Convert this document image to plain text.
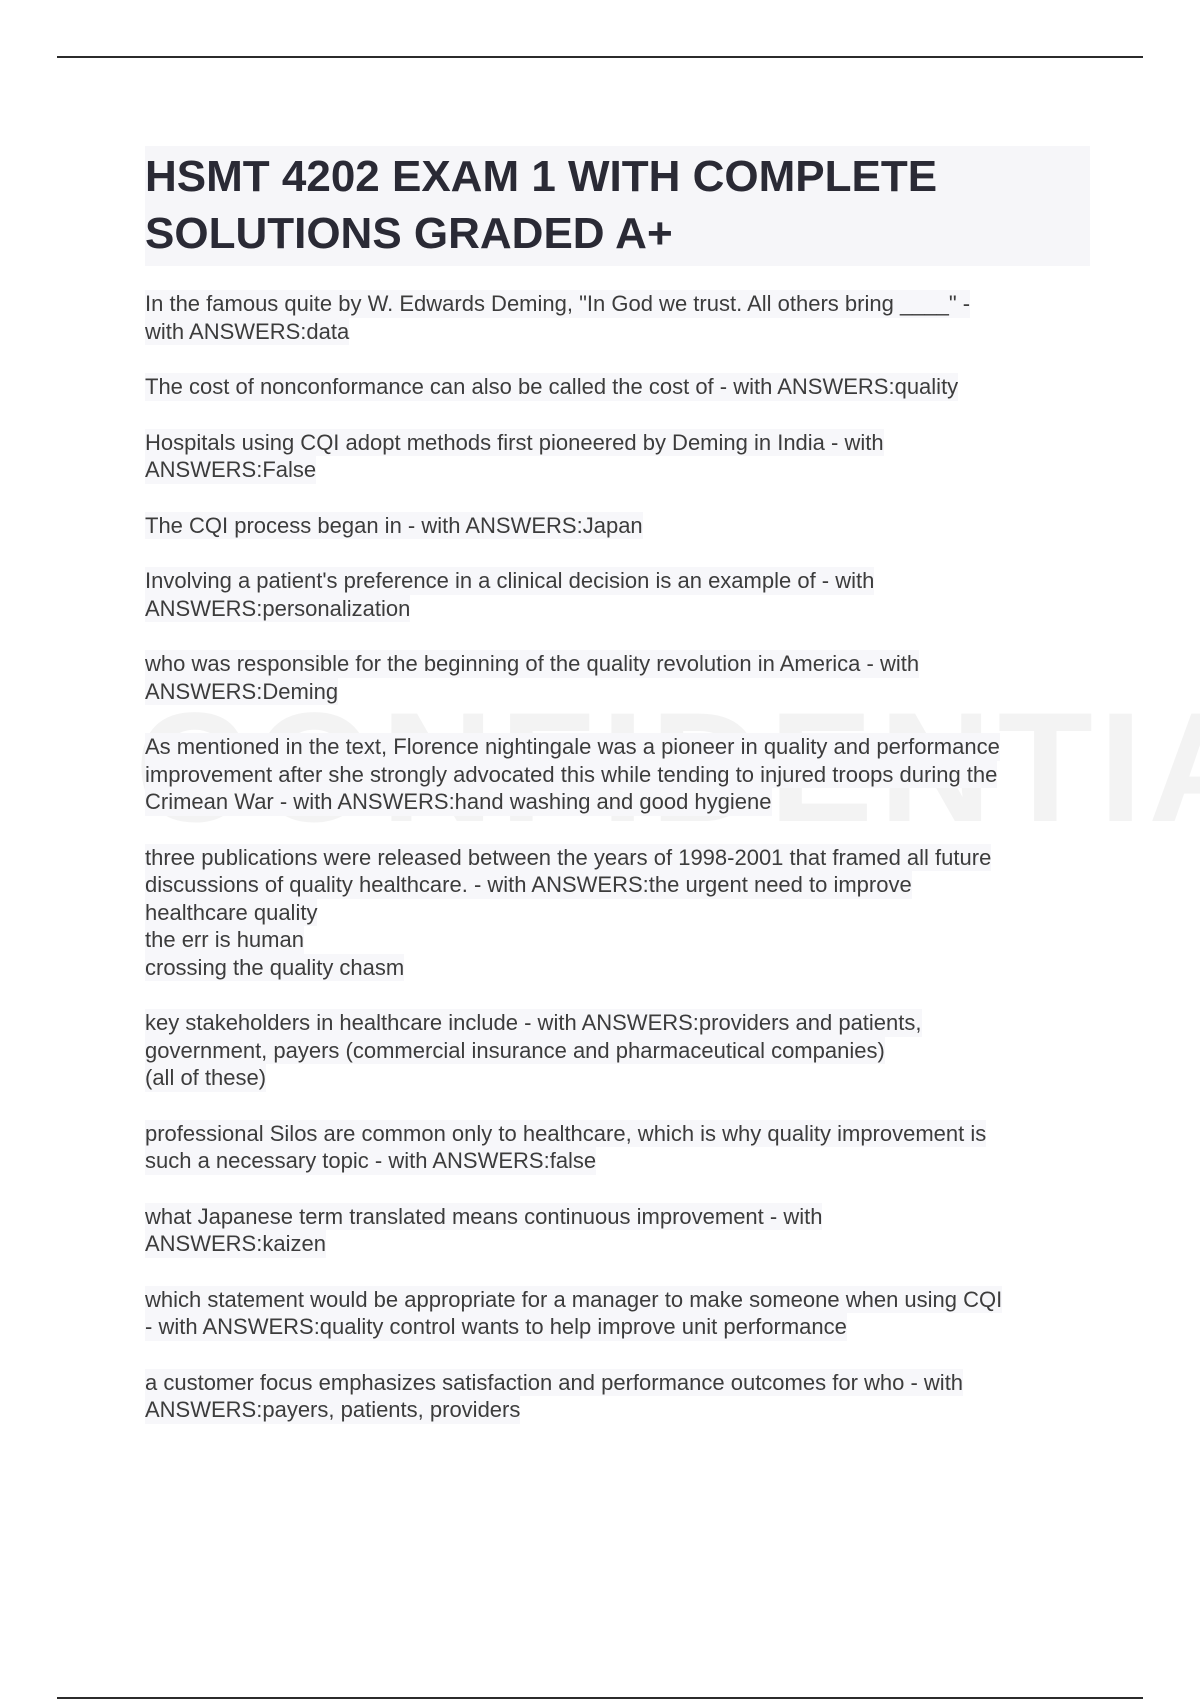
HSMT 4202 EXAM 1 WITH COMPLETE SOLUTIONS GRADED A+
In the famous quite by W. Edwards Deming, "In God we trust. All others bring ____" -
with ANSWERS:data
The cost of nonconformance can also be called the cost of - with ANSWERS:quality
Hospitals using CQI adopt methods first pioneered by Deming in India - with
ANSWERS:False
The CQI process began in - with ANSWERS:Japan
Involving a patient's preference in a clinical decision is an example of - with
ANSWERS:personalization
who was responsible for the beginning of the quality revolution in America - with
ANSWERS:Deming
As mentioned in the text, Florence nightingale was a pioneer in quality and performance
improvement after she strongly advocated this while tending to injured troops during the
Crimean War - with ANSWERS:hand washing and good hygiene
three publications were released between the years of 1998-2001 that framed all future
discussions of quality healthcare. - with ANSWERS:the urgent need to improve
healthcare quality
the err is human
crossing the quality chasm
key stakeholders in healthcare include - with ANSWERS:providers and patients,
government, payers (commercial insurance and pharmaceutical companies)
(all of these)
professional Silos are common only to healthcare, which is why quality improvement is
such a necessary topic - with ANSWERS:false
what Japanese term translated means continuous improvement - with
ANSWERS:kaizen
which statement would be appropriate for a manager to make someone when using CQI
- with ANSWERS:quality control wants to help improve unit performance
a customer focus emphasizes satisfaction and performance outcomes for who - with
ANSWERS:payers, patients, providers
